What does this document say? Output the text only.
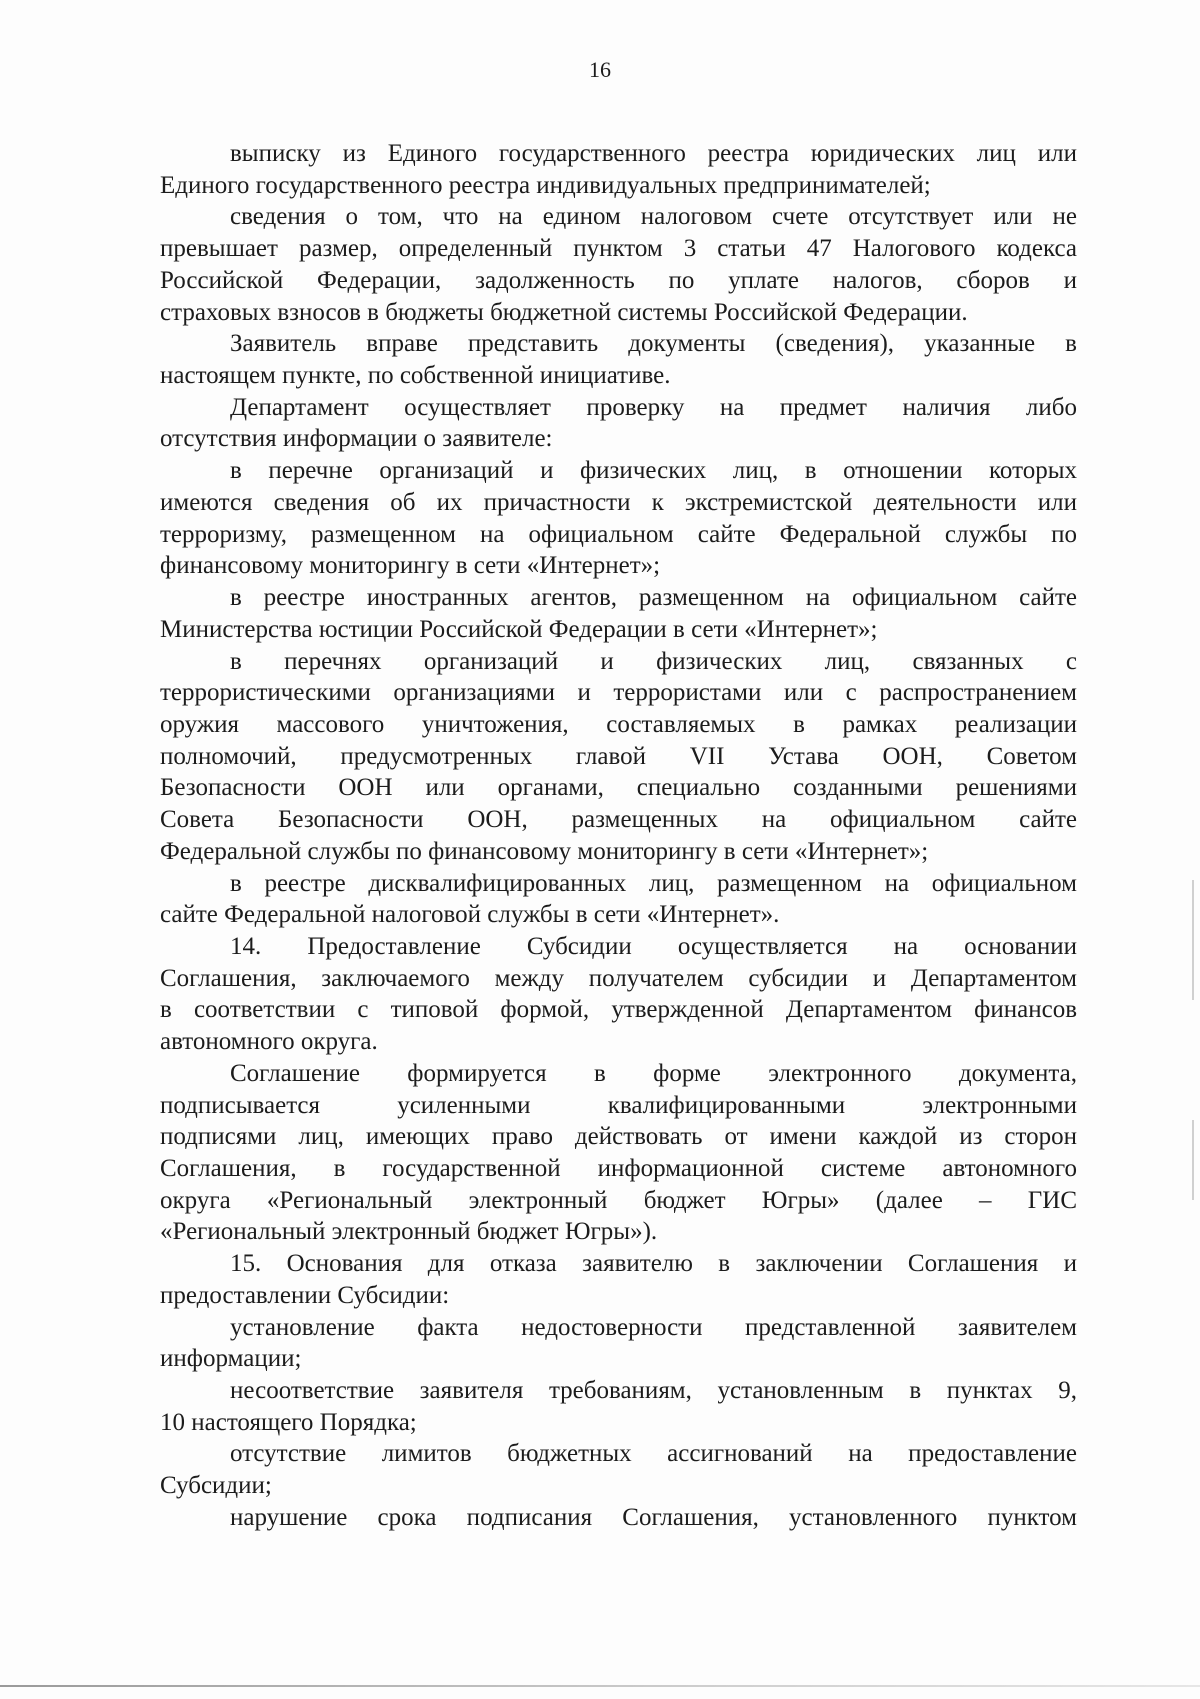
16
выписку из Единого государственного реестра юридических лиц или
Единого государственного реестра индивидуальных предпринимателей;
сведения о том, что на едином налоговом счете отсутствует или не
превышает размер, определенный пунктом 3 статьи 47 Налогового кодекса
Российской Федерации, задолженность по уплате налогов, сборов и
страховых взносов в бюджеты бюджетной системы Российской Федерации.
Заявитель вправе представить документы (сведения), указанные в
настоящем пункте, по собственной инициативе.
Департамент осуществляет проверку на предмет наличия либо
отсутствия информации о заявителе:
в перечне организаций и физических лиц, в отношении которых
имеются сведения об их причастности к экстремистской деятельности или
терроризму, размещенном на официальном сайте Федеральной службы по
финансовому мониторингу в сети «Интернет»;
в реестре иностранных агентов, размещенном на официальном сайте
Министерства юстиции Российской Федерации в сети «Интернет»;
в перечнях организаций и физических лиц, связанных с
террористическими организациями и террористами или с распространением
оружия массового уничтожения, составляемых в рамках реализации
полномочий, предусмотренных главой VII Устава ООН, Советом
Безопасности ООН или органами, специально созданными решениями
Совета Безопасности ООН, размещенных на официальном сайте
Федеральной службы по финансовому мониторингу в сети «Интернет»;
в реестре дисквалифицированных лиц, размещенном на официальном
сайте Федеральной налоговой службы в сети «Интернет».
14. Предоставление Субсидии осуществляется на основании
Соглашения, заключаемого между получателем субсидии и Департаментом
в соответствии с типовой формой, утвержденной Департаментом финансов
автономного округа.
Соглашение формируется в форме электронного документа,
подписывается усиленными квалифицированными электронными
подписями лиц, имеющих право действовать от имени каждой из сторон
Соглашения, в государственной информационной системе автономного
округа «Региональный электронный бюджет Югры» (далее – ГИС
«Региональный электронный бюджет Югры»).
15. Основания для отказа заявителю в заключении Соглашения и
предоставлении Субсидии:
установление факта недостоверности представленной заявителем
информации;
несоответствие заявителя требованиям, установленным в пунктах 9,
10 настоящего Порядка;
отсутствие лимитов бюджетных ассигнований на предоставление
Субсидии;
нарушение срока подписания Соглашения, установленного пунктом
